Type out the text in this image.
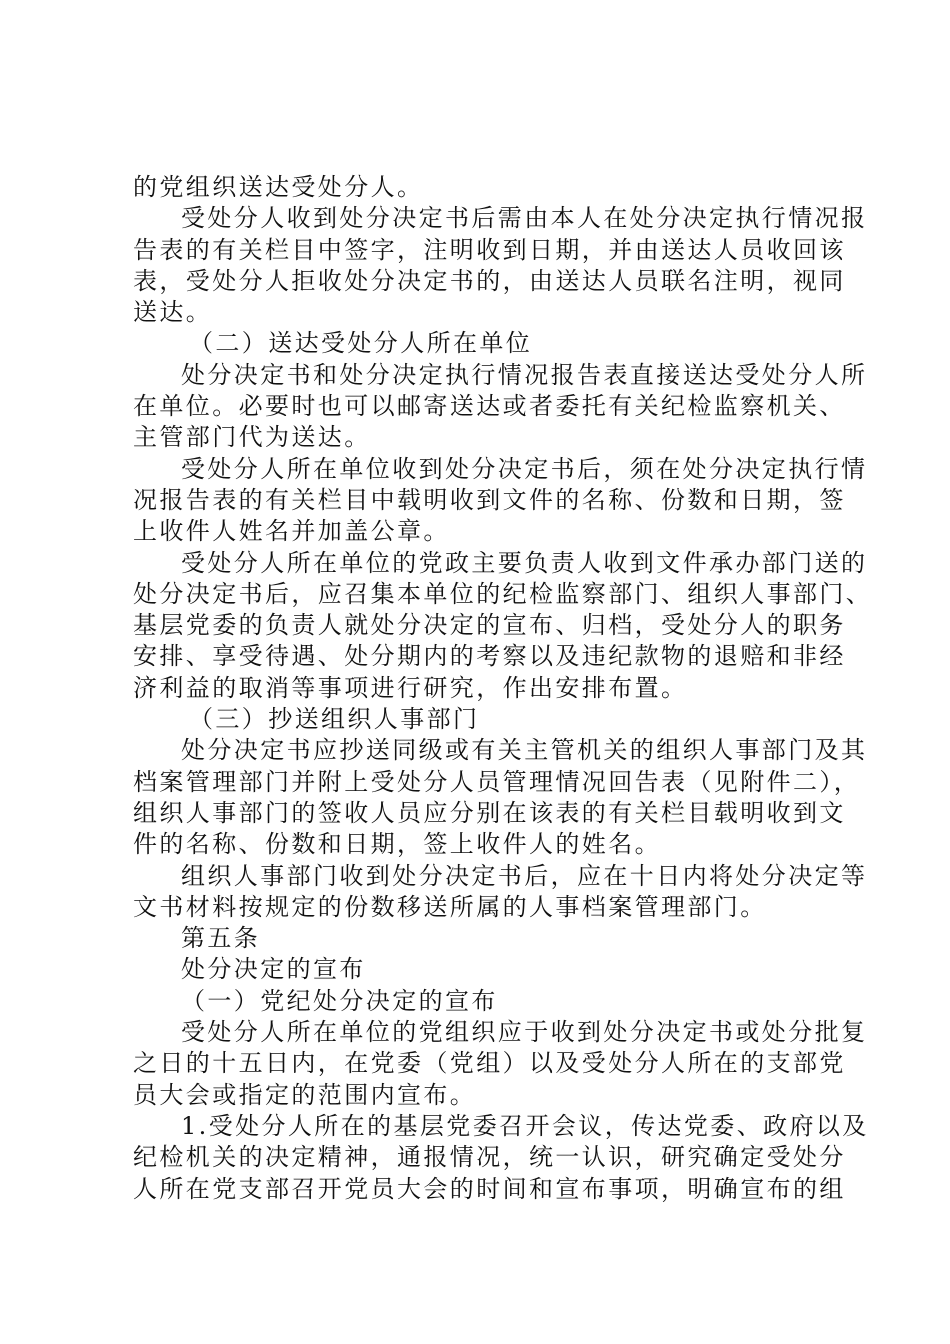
的党组织送达受处分人。
受处分人收到处分决定书后需由本人在处分决定执行情况报
告表的有关栏目中签字，注明收到日期，并由送达人员收回该
表，受处分人拒收处分决定书的，由送达人员联名注明，视同
送达。
（二）送达受处分人所在单位
处分决定书和处分决定执行情况报告表直接送达受处分人所
在单位。必要时也可以邮寄送达或者委托有关纪检监察机关、
主管部门代为送达。
受处分人所在单位收到处分决定书后，须在处分决定执行情
况报告表的有关栏目中载明收到文件的名称、份数和日期，签
上收件人姓名并加盖公章。
受处分人所在单位的党政主要负责人收到文件承办部门送的
处分决定书后，应召集本单位的纪检监察部门、组织人事部门、
基层党委的负责人就处分决定的宣布、归档，受处分人的职务
安排、享受待遇、处分期内的考察以及违纪款物的退赔和非经
济利益的取消等事项进行研究，作出安排布置。
（三）抄送组织人事部门
处分决定书应抄送同级或有关主管机关的组织人事部门及其
档案管理部门并附上受处分人员管理情况回告表（见附件二），
组织人事部门的签收人员应分别在该表的有关栏目载明收到文
件的名称、份数和日期，签上收件人的姓名。
组织人事部门收到处分决定书后，应在十日内将处分决定等
文书材料按规定的份数移送所属的人事档案管理部门。
第五条
处分决定的宣布
（一）党纪处分决定的宣布
受处分人所在单位的党组织应于收到处分决定书或处分批复
之日的十五日内，在党委（党组）以及受处分人所在的支部党
员大会或指定的范围内宣布。
1.受处分人所在的基层党委召开会议，传达党委、政府以及
纪检机关的决定精神，通报情况，统一认识，研究确定受处分
人所在党支部召开党员大会的时间和宣布事项，明确宣布的组
